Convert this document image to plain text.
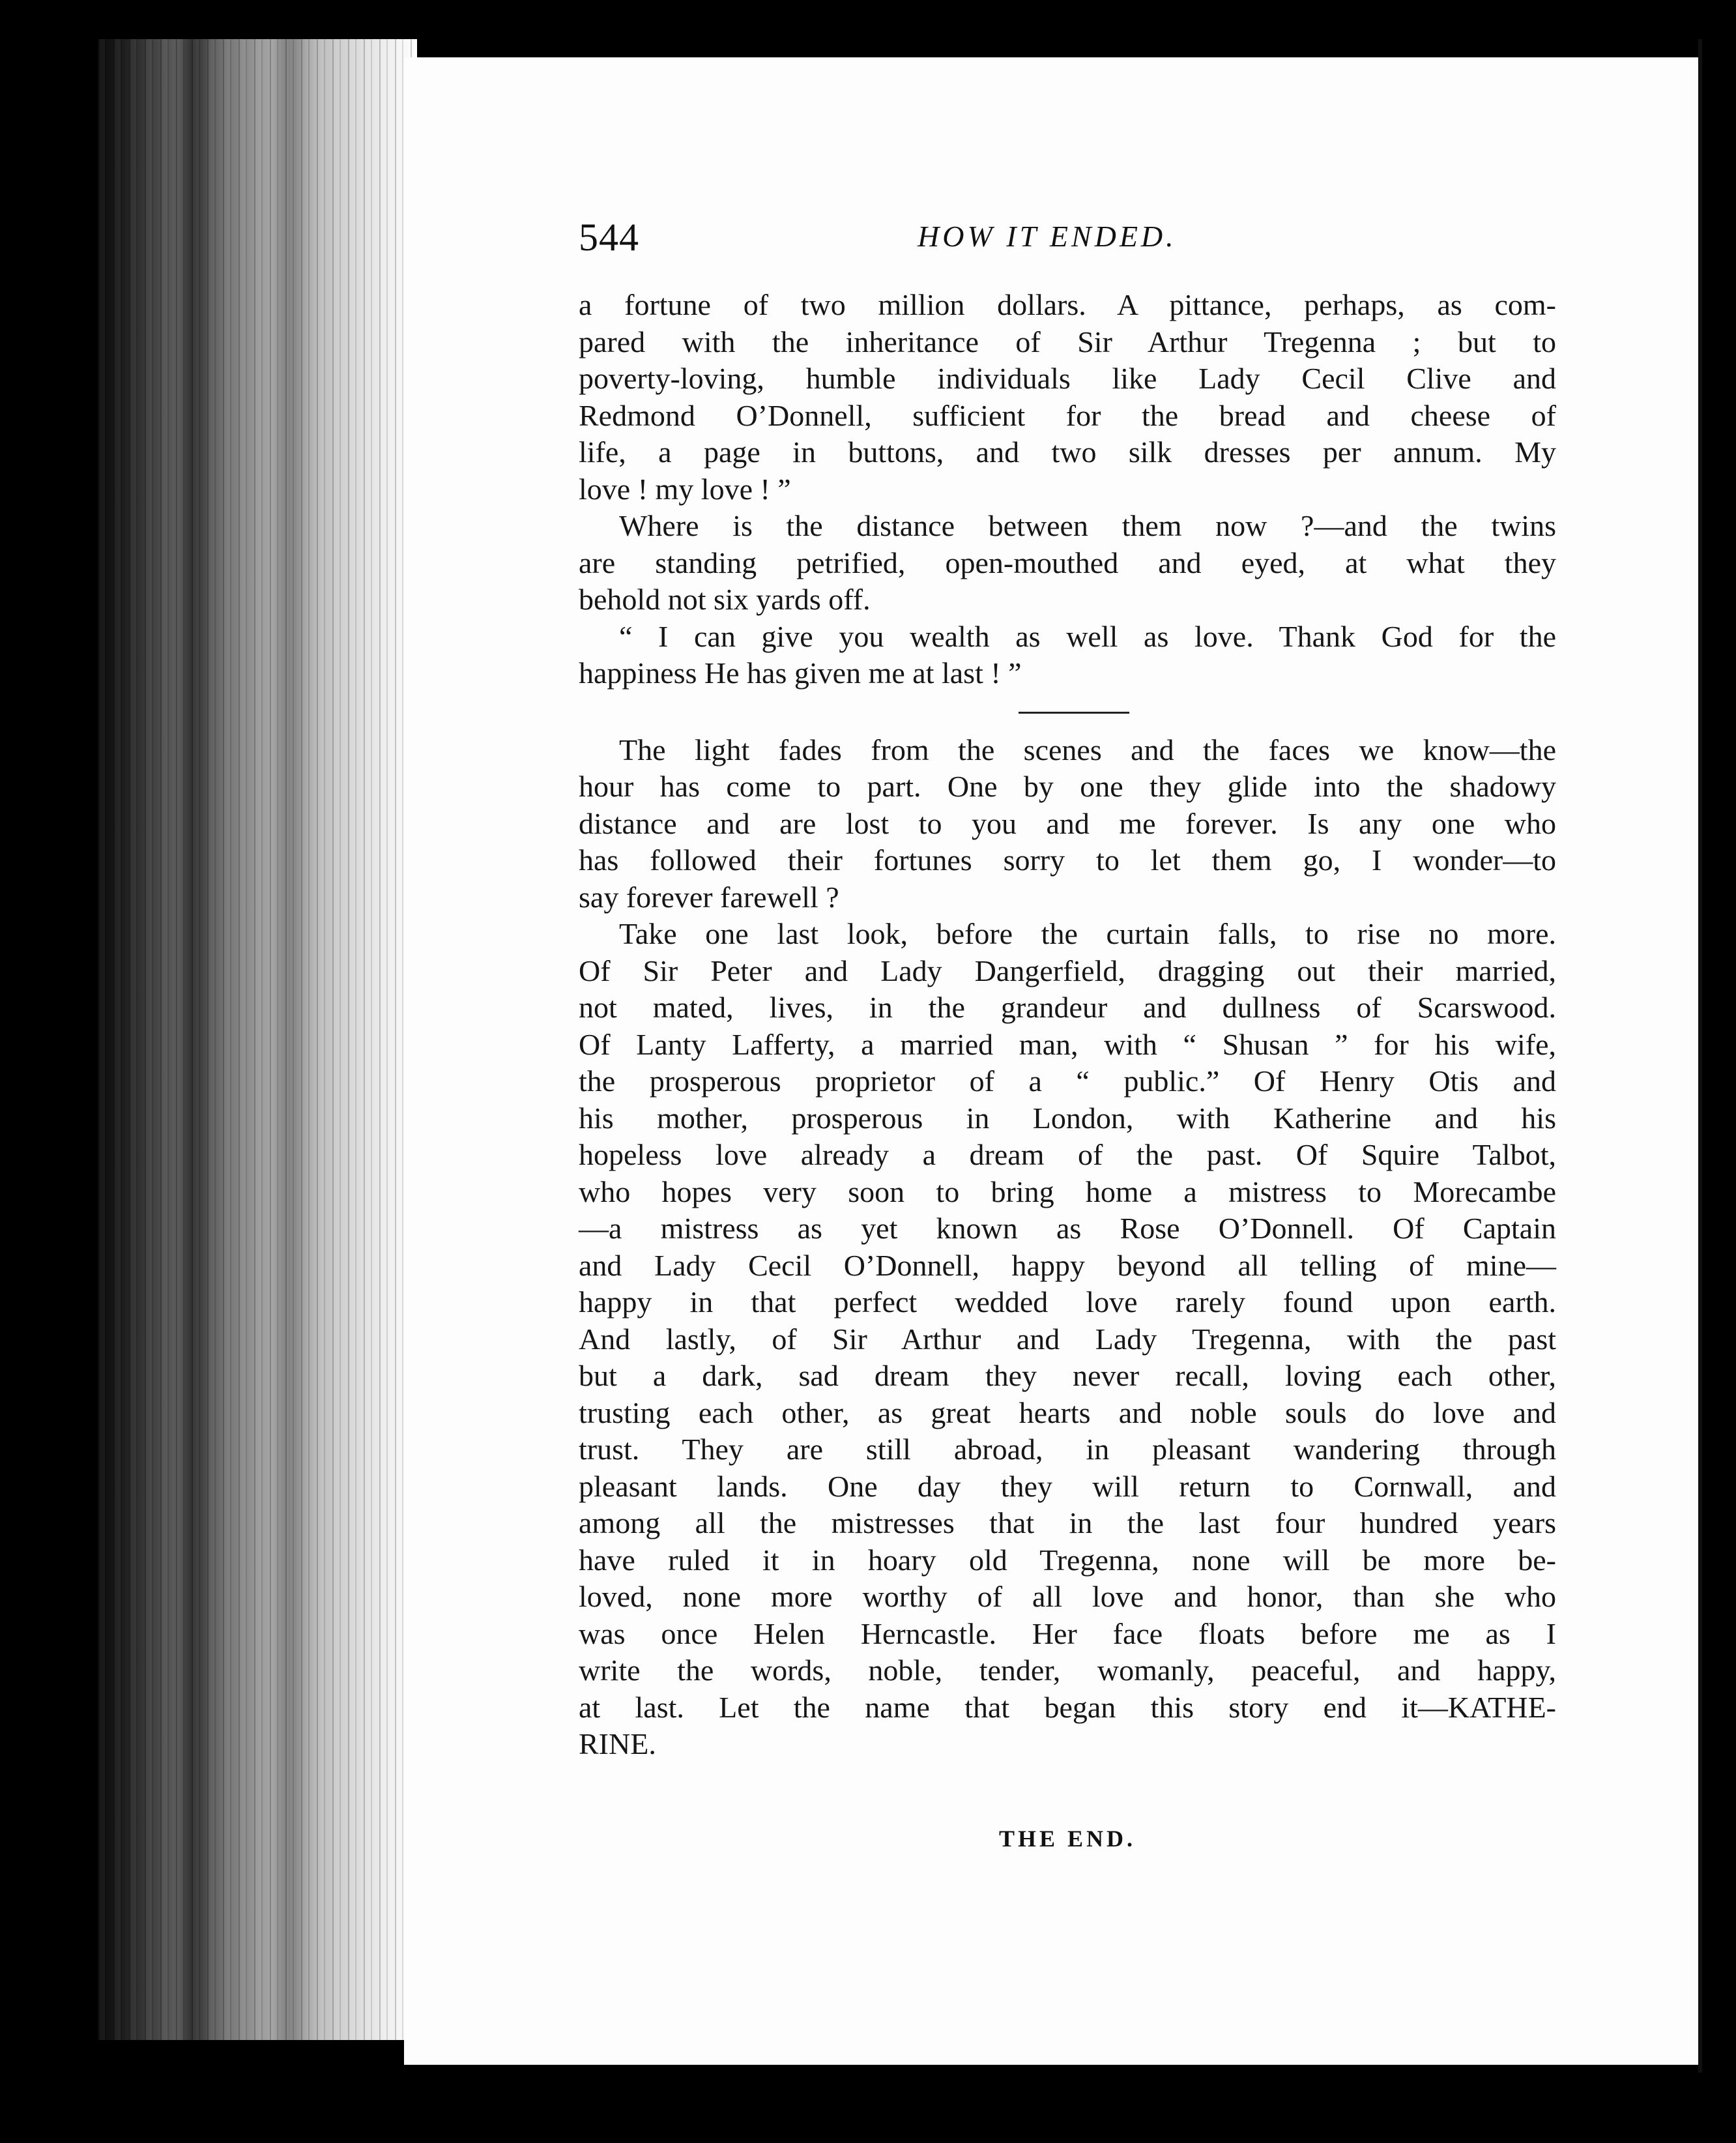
544	HOW IT ENDED.
a fortune of two million dollars. A pittance, perhaps, as com-
pared with the inheritance of Sir Arthur Tregenna ; but to
poverty-loving, humble individuals like Lady Cecil Clive and
Redmond O’Donnell, sufficient for the bread and cheese of
life, a page in buttons, and two silk dresses per annum. My
love ! my love ! ”
Where is the distance between them now ?—and the twins
are standing petrified, open-mouthed and eyed, at what they
behold not six yards off.
“ I can give you wealth as well as love. Thank God for the
happiness He has given me at last ! ”
The light fades from the scenes and the faces we know—the
hour has come to part. One by one they glide into the shadowy
distance and are lost to you and me forever. Is any one who
has followed their fortunes sorry to let them go, I wonder—to
say forever farewell ?
Take one last look, before the curtain falls, to rise no more.
Of Sir Peter and Lady Dangerfield, dragging out their married,
not mated, lives, in the grandeur and dullness of Scarswood.
Of Lanty Lafferty, a married man, with “ Shusan ” for his wife,
the prosperous proprietor of a “ public.” Of Henry Otis and
his mother, prosperous in London, with Katherine and his
hopeless love already a dream of the past. Of Squire Talbot,
who hopes very soon to bring home a mistress to Morecambe
—a mistress as yet known as Rose O’Donnell. Of Captain
and Lady Cecil O’Donnell, happy beyond all telling of mine—
happy in that perfect wedded love rarely found upon earth.
And lastly, of Sir Arthur and Lady Tregenna, with the past
but a dark, sad dream they never recall, loving each other,
trusting each other, as great hearts and noble souls do love and
trust. They are still abroad, in pleasant wandering through
pleasant lands. One day they will return to Cornwall, and
among all the mistresses that in the last four hundred years
have ruled it in hoary old Tregenna, none will be more be-
loved, none more worthy of all love and honor, than she who
was once Helen Herncastle. Her face floats before me as I
write the words, noble, tender, womanly, peaceful, and happy,
at last. Let the name that began this story end it—KATHE-
RINE.
THE END.
